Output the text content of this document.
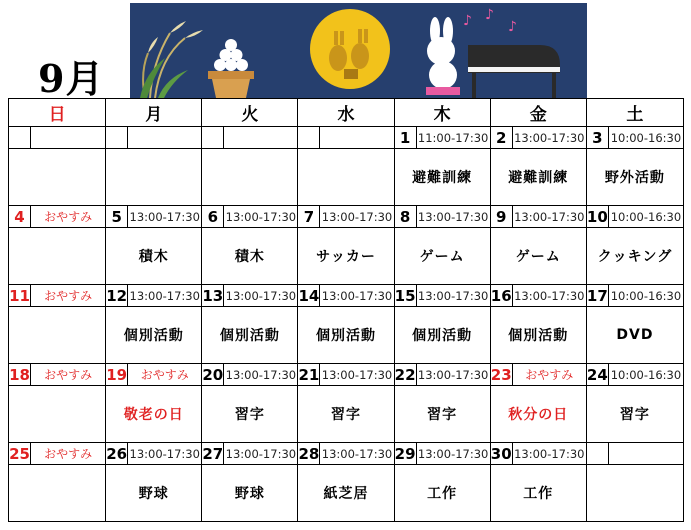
9月
♪ ♪
♪
日		月		火		水		木		金		土	
								1	11:00-17:30	2	13:00-17:30	3	10:00-16:30
								避難訓練		避難訓練		野外活動	
4	おやすみ	5	13:00-17:30	6	13:00-17:30	7	13:00-17:30	8	13:00-17:30	9	13:00-17:30	10	10:00-16:30
		積木		積木		サッカー		ゲーム		ゲーム		クッキング	
11	おやすみ	12	13:00-17:30	13	13:00-17:30	14	13:00-17:30	15	13:00-17:30	16	13:00-17:30	17	10:00-16:30
		個別活動		個別活動		個別活動		個別活動		個別活動		DVD	
18	おやすみ	19	おやすみ	20	13:00-17:30	21	13:00-17:30	22	13:00-17:30	23	おやすみ	24	10:00-16:30
		敬老の日		習字		習字		習字		秋分の日		習字	
25	おやすみ	26	13:00-17:30	27	13:00-17:30	28	13:00-17:30	29	13:00-17:30	30	13:00-17:30		
		野球		野球		紙芝居		工作		工作			
